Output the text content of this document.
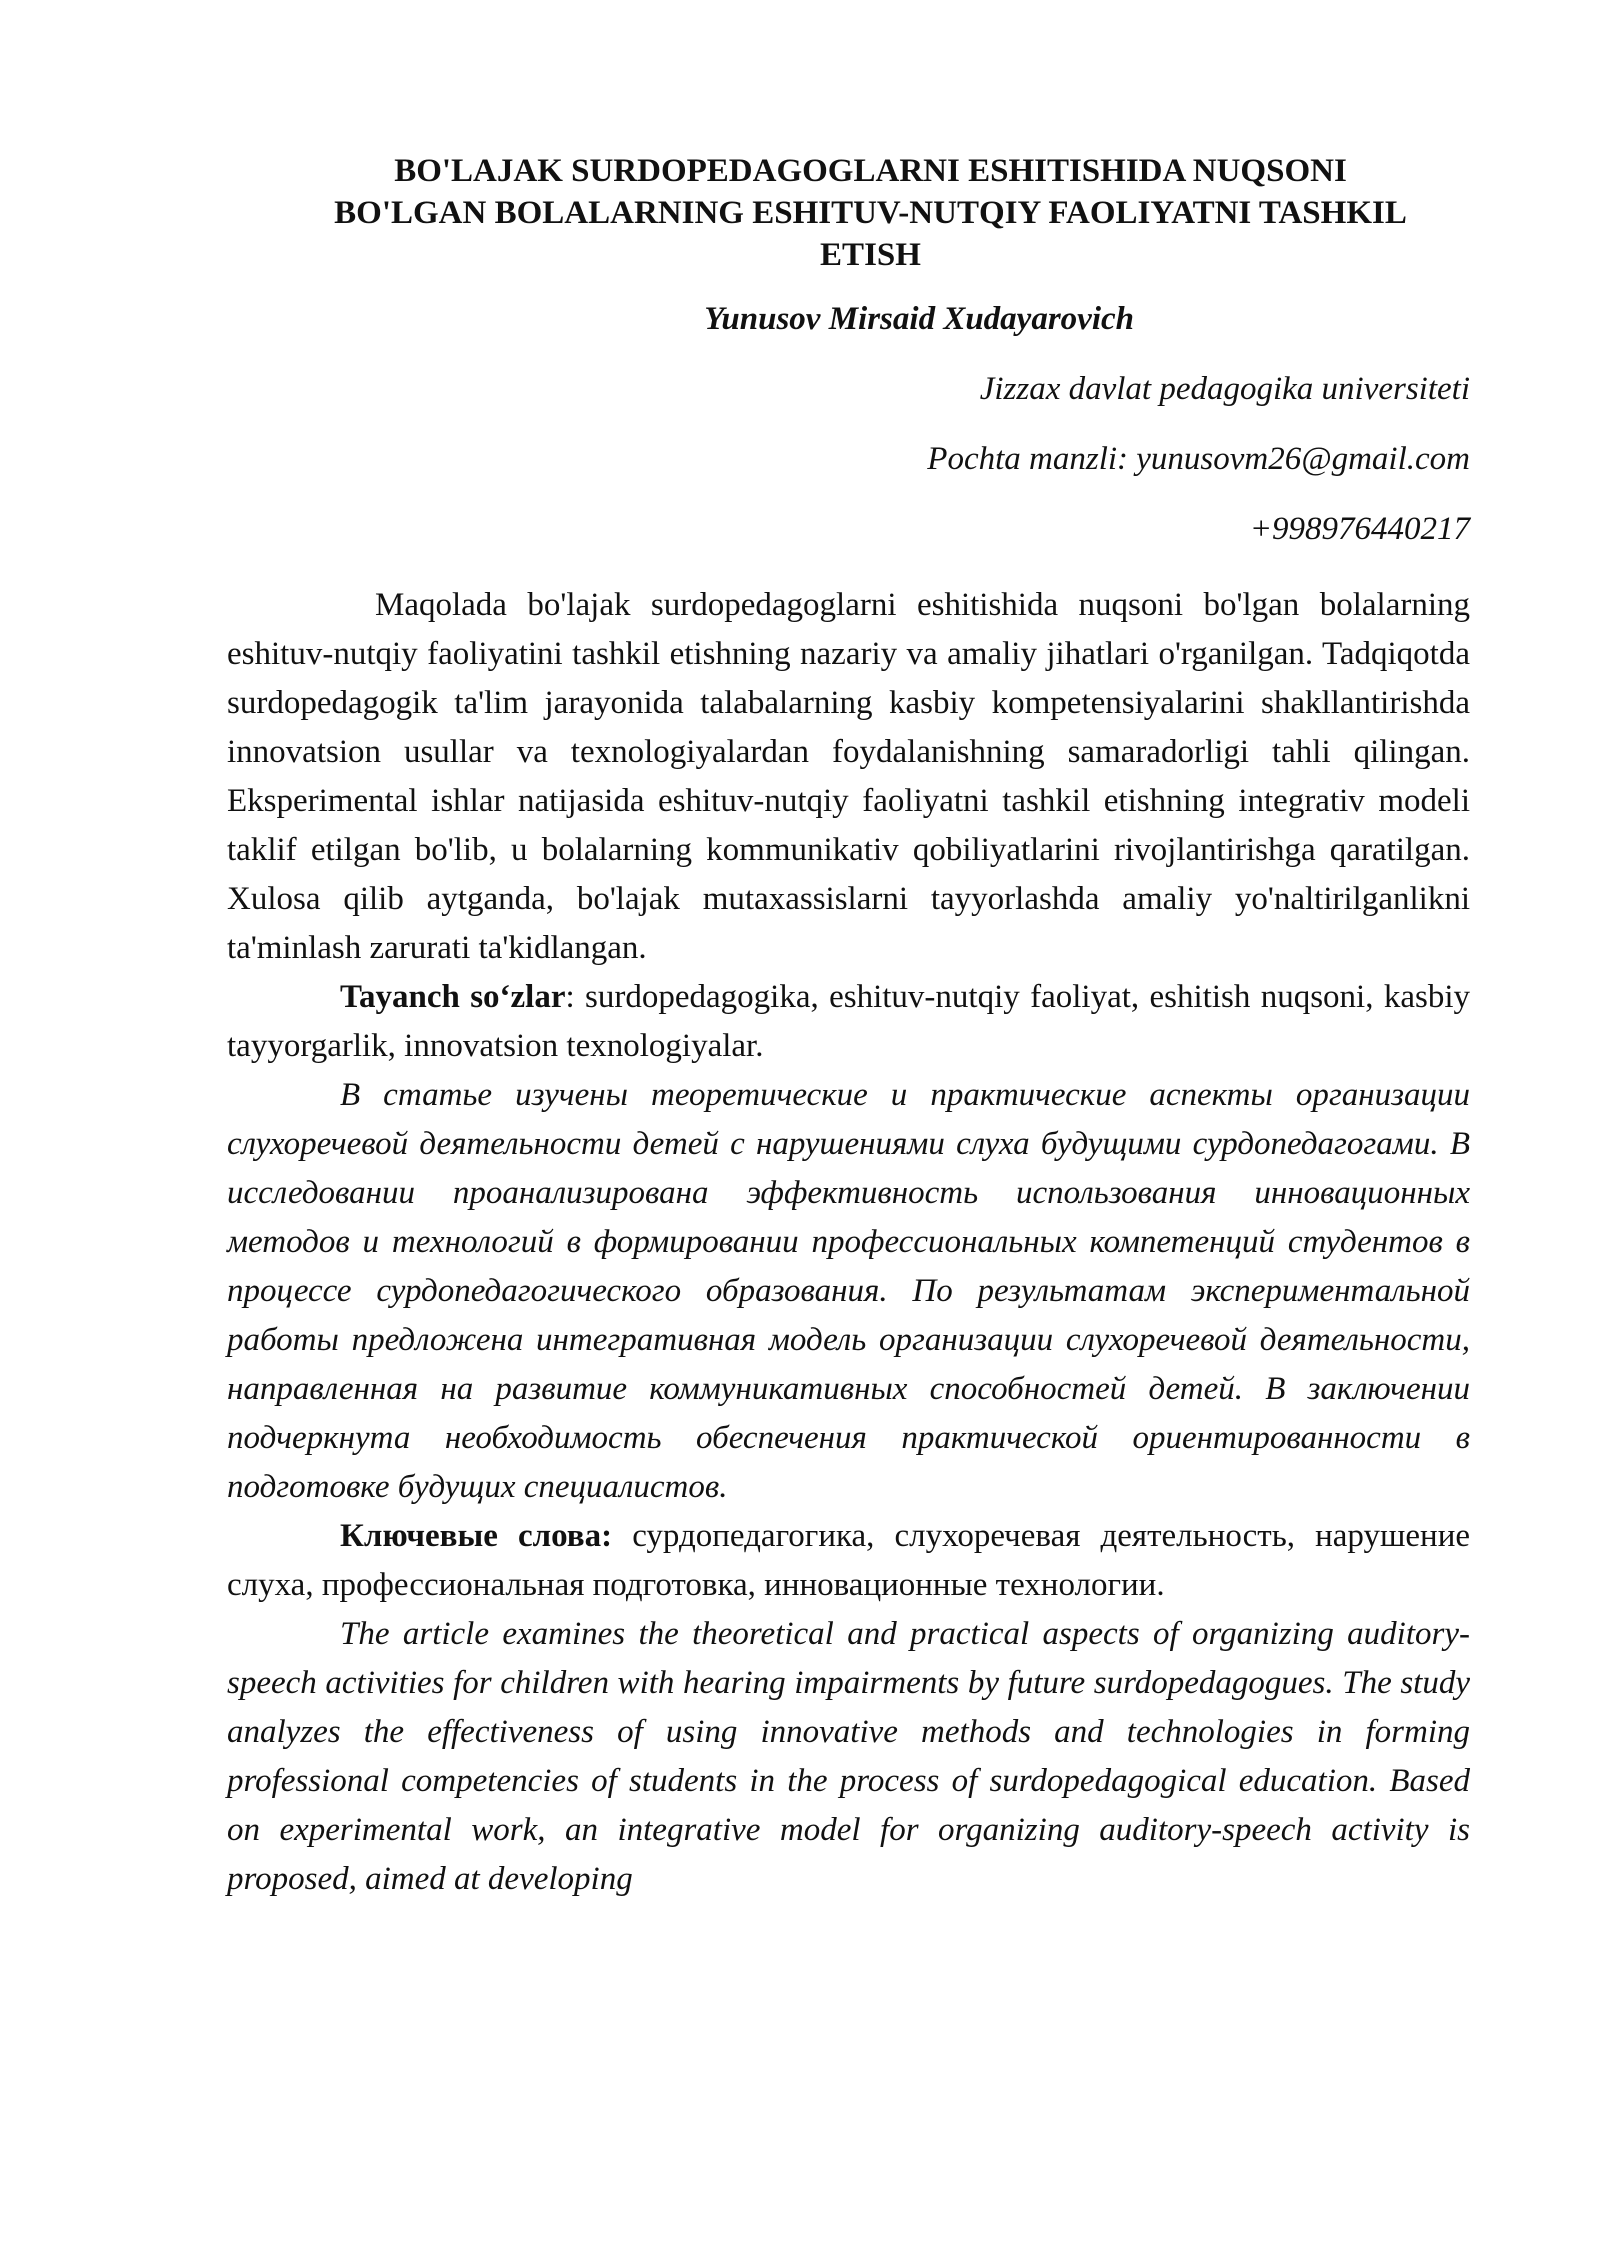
BO'LAJAK SURDOPEDAGOGLARNI ESHITISHIDA NUQSONI
BO'LGAN BOLALARNING ESHITUV-NUTQIY FAOLIYATNI TASHKIL
ETISH
Yunusov Mirsaid Xudayarovich
Jizzax davlat pedagogika universiteti
Pochta manzli: yunusovm26@gmail.com
+998976440217

Maqolada bo'lajak surdopedagoglarni eshitishida nuqsoni bo'lgan bolalarning eshituv-nutqiy faoliyatini tashkil etishning nazariy va amaliy jihatlari o'rganilgan. Tadqiqotda surdopedagogik ta'lim jarayonida talabalarning kasbiy kompetensiyalarini shakllantirishda innovatsion usullar va texnologiyalardan foydalanishning samaradorligi tahli qilingan. Eksperimental ishlar natijasida eshituv-nutqiy faoliyatni tashkil etishning integrativ modeli taklif etilgan bo'lib, u bolalarning kommunikativ qobiliyatlarini rivojlantirishga qaratilgan. Xulosa qilib aytganda, bo'lajak mutaxassislarni tayyorlashda amaliy yo'naltirilganlikni ta'minlash zarurati ta'kidlangan.

Tayanch so‘zlar: surdopedagogika, eshituv-nutqiy faoliyat, eshitish nuqsoni, kasbiy tayyorgarlik, innovatsion texnologiyalar.

В статье изучены теоретические и практические аспекты организации слухоречевой деятельности детей с нарушениями слуха будущими сурдопедагогами. В исследовании проанализирована эффективность использования инновационных методов и технологий в формировании профессиональных компетенций студентов в процессе сурдопедагогического образования. По результатам экспериментальной работы предложена интегративная модель организации слухоречевой деятельности, направленная на развитие коммуникативных способностей детей. В заключении подчеркнута необходимость обеспечения практической ориентированности в подготовке будущих специалистов.

Ключевые слова: сурдопедагогика, слухоречевая деятельность, нарушение слуха, профессиональная подготовка, инновационные технологии.

The article examines the theoretical and practical aspects of organizing auditory-speech activities for children with hearing impairments by future surdopedagogues. The study analyzes the effectiveness of using innovative methods and technologies in forming professional competencies of students in the process of surdopedagogical education. Based on experimental work, an integrative model for organizing auditory-speech activity is proposed, aimed at developing
